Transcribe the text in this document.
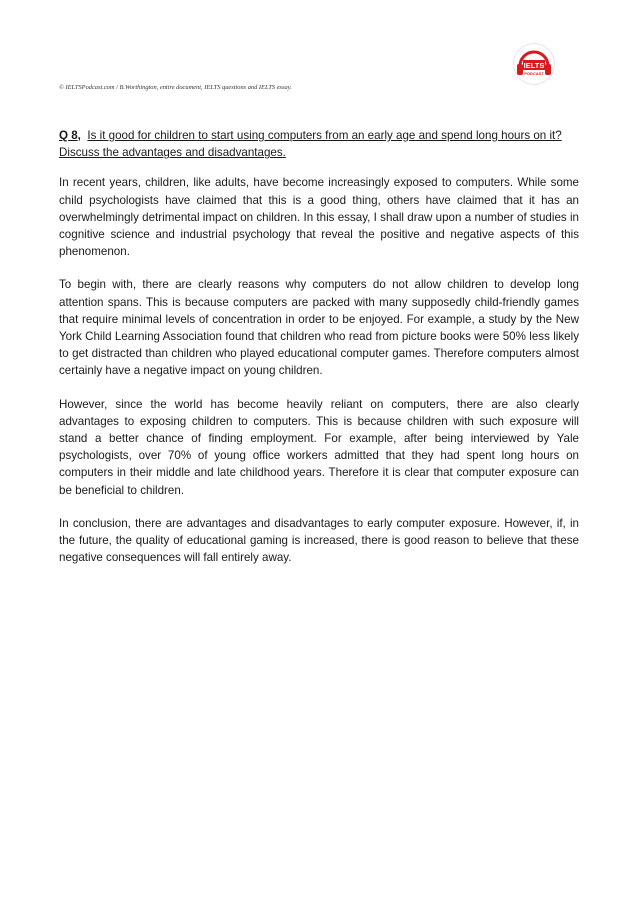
IELTS
PODCAST
© IELTSPodcast.com / B.Worthington, entire document, IELTS questions and IELTS essay.

Q 8, Is it good for children to start using computers from an early age and spend long hours on it? Discuss the advantages and disadvantages.

In recent years, children, like adults, have become increasingly exposed to computers. While some child psychologists have claimed that this is a good thing, others have claimed that it has an overwhelmingly detrimental impact on children. In this essay, I shall draw upon a number of studies in cognitive science and industrial psychology that reveal the positive and negative aspects of this phenomenon.

To begin with, there are clearly reasons why computers do not allow children to develop long attention spans. This is because computers are packed with many supposedly child-friendly games that require minimal levels of concentration in order to be enjoyed. For example, a study by the New York Child Learning Association found that children who read from picture books were 50% less likely to get distracted than children who played educational computer games. Therefore computers almost certainly have a negative impact on young children.

However, since the world has become heavily reliant on computers, there are also clearly advantages to exposing children to computers. This is because children with such exposure will stand a better chance of finding employment. For example, after being interviewed by Yale psychologists, over 70% of young office workers admitted that they had spent long hours on computers in their middle and late childhood years. Therefore it is clear that computer exposure can be beneficial to children.

In conclusion, there are advantages and disadvantages to early computer exposure. However, if, in the future, the quality of educational gaming is increased, there is good reason to believe that these negative consequences will fall entirely away.
